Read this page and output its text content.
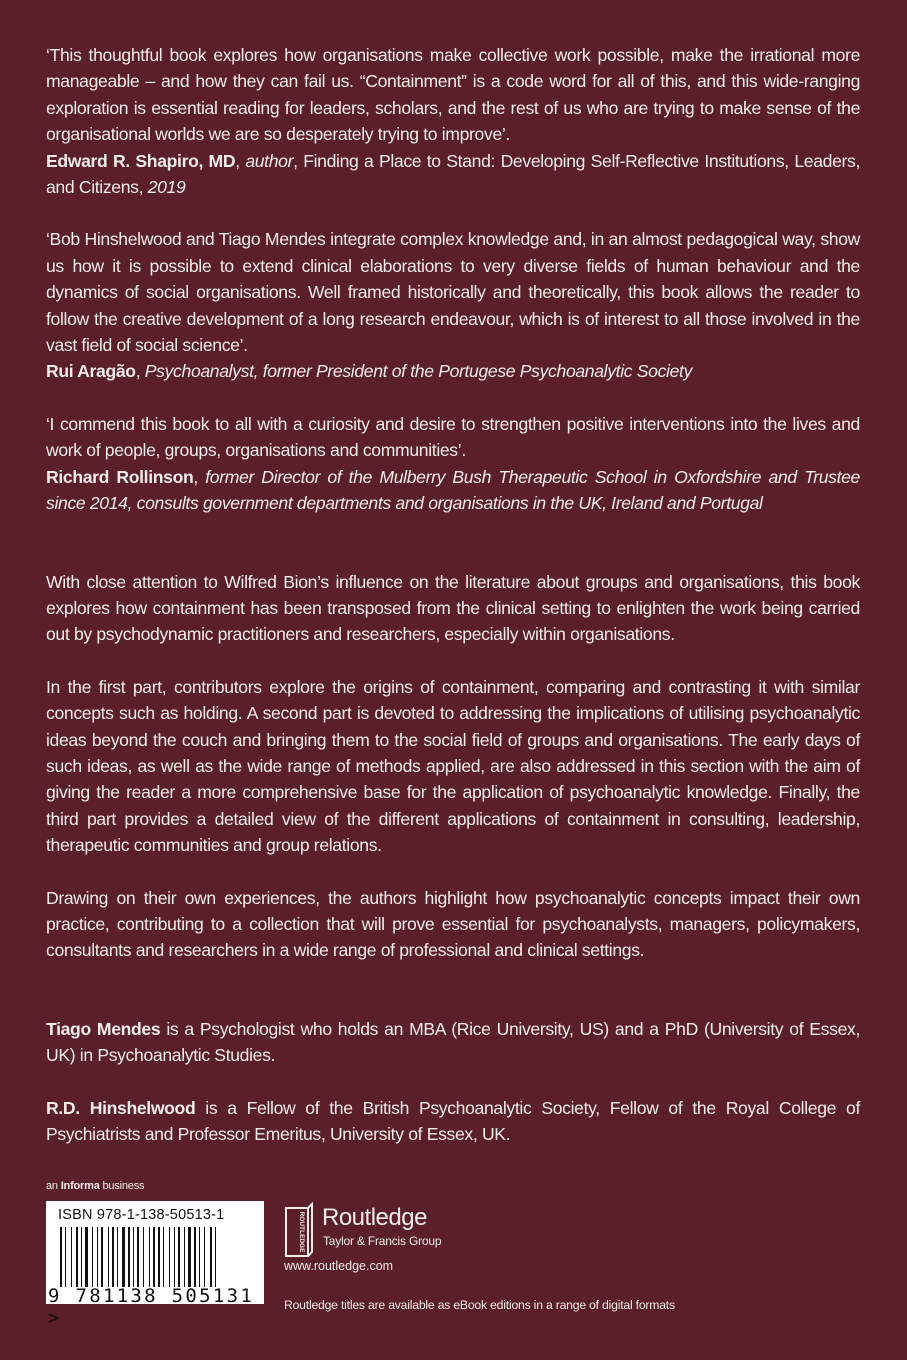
‘This thoughtful book explores how organisations make collective work possible, make the irrational more manageable – and how they can fail us. “Containment” is a code word for all of this, and this wide-ranging exploration is essential reading for leaders, scholars, and the rest of us who are trying to make sense of the organisational worlds we are so desperately trying to improve’.
Edward R. Shapiro, MD, author, Finding a Place to Stand: Developing Self-Reflective Institutions, Leaders, and Citizens, 2019

‘Bob Hinshelwood and Tiago Mendes integrate complex knowledge and, in an almost pedagogical way, show us how it is possible to extend clinical elaborations to very diverse fields of human behaviour and the dynamics of social organisations. Well framed historically and theoretically, this book allows the reader to follow the creative development of a long research endeavour, which is of interest to all those involved in the vast field of social science’.
Rui Aragão, Psychoanalyst, former President of the Portugese Psychoanalytic Society

‘I commend this book to all with a curiosity and desire to strengthen positive interventions into the lives and work of people, groups, organisations and communities’.
Richard Rollinson, former Director of the Mulberry Bush Therapeutic School in Oxfordshire and Trustee since 2014, consults government departments and organisations in the UK, Ireland and Portugal

With close attention to Wilfred Bion’s influence on the literature about groups and organisations, this book explores how containment has been transposed from the clinical setting to enlighten the work being carried out by psychodynamic practitioners and researchers, especially within organisations.

In the first part, contributors explore the origins of containment, comparing and contrasting it with similar concepts such as holding. A second part is devoted to addressing the implications of utilising psychoanalytic ideas beyond the couch and bringing them to the social field of groups and organisations. The early days of such ideas, as well as the wide range of methods applied, are also addressed in this section with the aim of giving the reader a more comprehensive base for the application of psychoanalytic knowledge. Finally, the third part provides a detailed view of the different applications of containment in consulting, leadership, therapeutic communities and group relations.

Drawing on their own experiences, the authors highlight how psychoanalytic concepts impact their own practice, contributing to a collection that will prove essential for psychoanalysts, managers, policymakers, consultants and researchers in a wide range of professional and clinical settings.

Tiago Mendes is a Psychologist who holds an MBA (Rice University, US) and a PhD (University of Essex, UK) in Psychoanalytic Studies.

R.D. Hinshelwood is a Fellow of the British Psychoanalytic Society, Fellow of the Royal College of Psychiatrists and Professor Emeritus, University of Essex, UK.

an Informa business
ISBN 978-1-138-50513-1
9 781138 505131 >
ROUTLEDGE Routledge
Taylor & Francis Group
www.routledge.com
Routledge titles are available as eBook editions in a range of digital formats
